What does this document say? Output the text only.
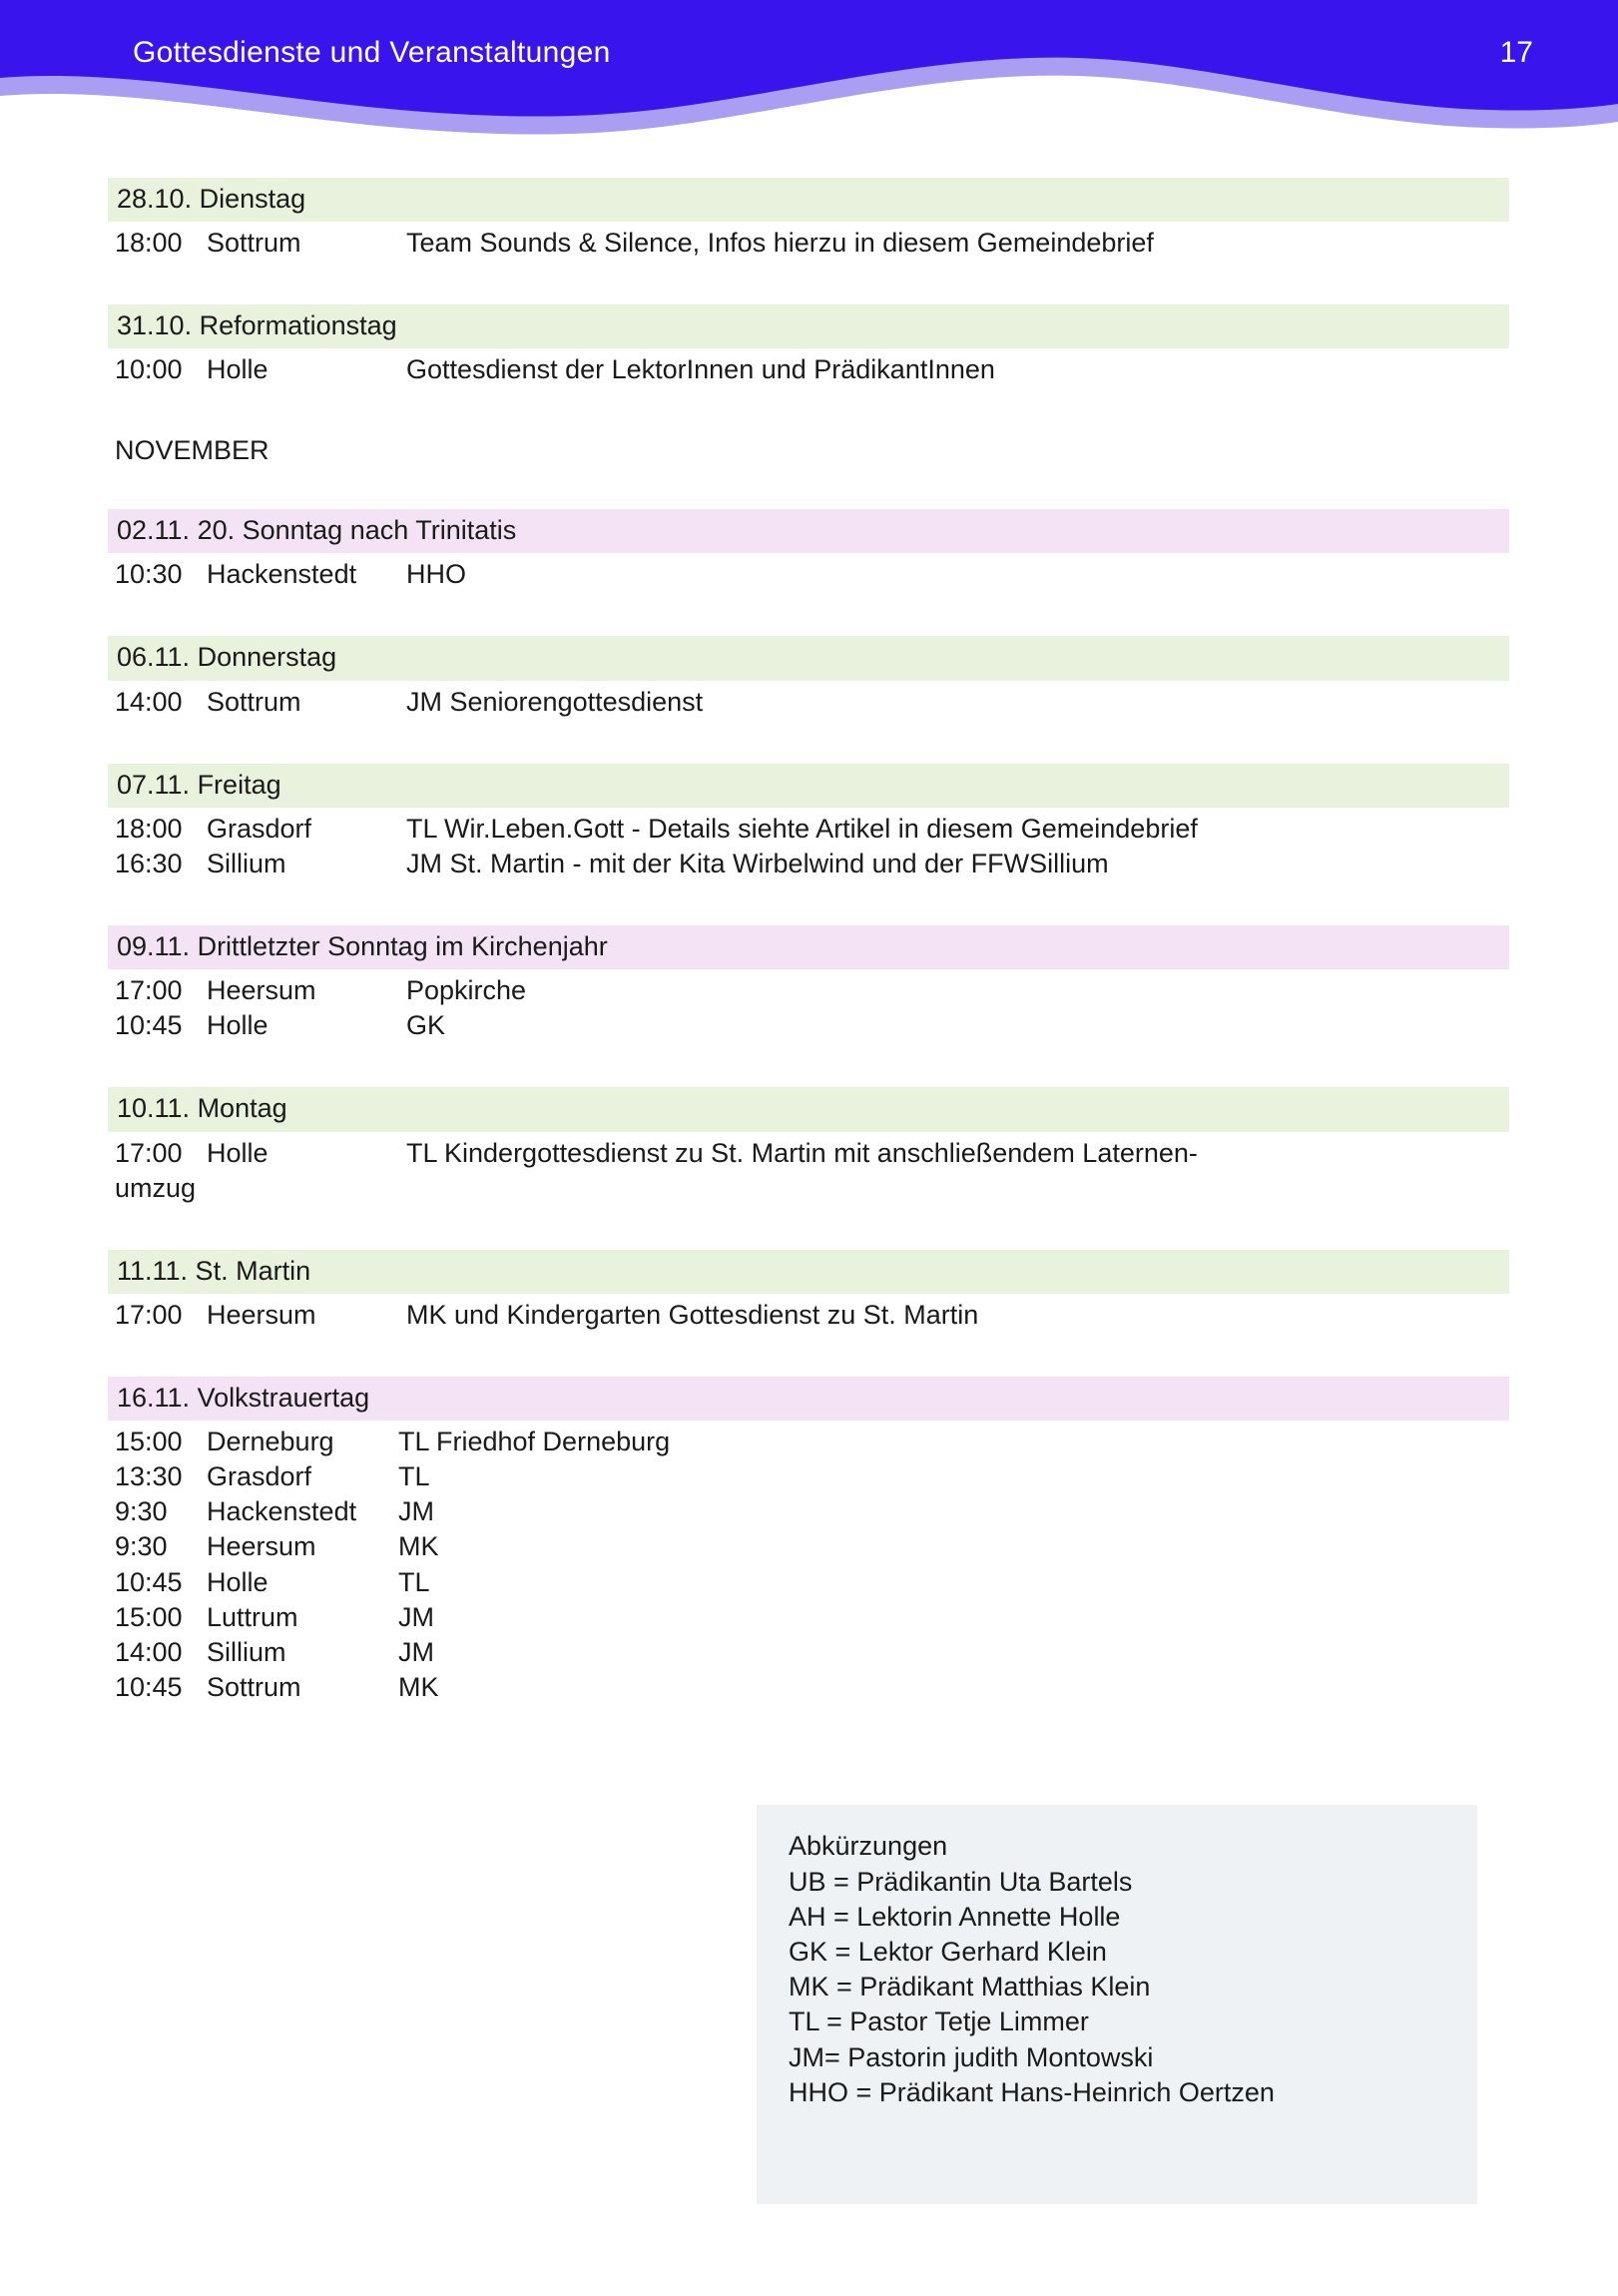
Gottesdienste und Veranstaltungen	17
28.10. Dienstag
18:00 Sottrum	Team Sounds & Silence, Infos hierzu in diesem Gemeindebrief
31.10. Reformationstag
10:00 Holle	Gottesdienst der LektorInnen und PrädikantInnen
NOVEMBER
02.11. 20. Sonntag nach Trinitatis
10:30 Hackenstedt	HHO
06.11. Donnerstag
14:00 Sottrum	JM Seniorengottesdienst
07.11. Freitag
18:00 Grasdorf	TL Wir.Leben.Gott - Details siehte Artikel in diesem Gemeindebrief
16:30 Sillium	JM St. Martin - mit der Kita Wirbelwind und der FFWSillium
09.11. Drittletzter Sonntag im Kirchenjahr
17:00 Heersum	Popkirche
10:45 Holle	GK
10.11. Montag
17:00 Holle	TL Kindergottesdienst zu St. Martin mit anschließendem Laternen-
umzug
11.11. St. Martin
17:00 Heersum	MK und Kindergarten Gottesdienst zu St. Martin
16.11. Volkstrauertag
15:00 Derneburg	TL Friedhof Derneburg
13:30 Grasdorf	TL
9:30	Hackenstedt	JM
9:30	Heersum	MK
10:45 Holle	TL
15:00 Luttrum	JM
14:00 Sillium	JM
10:45 Sottrum	MK
Abkürzungen
UB = Prädikantin Uta Bartels
AH = Lektorin Annette Holle
GK = Lektor Gerhard Klein
MK = Prädikant Matthias Klein
TL = Pastor Tetje Limmer
JM= Pastorin judith Montowski
HHO = Prädikant Hans-Heinrich Oertzen
